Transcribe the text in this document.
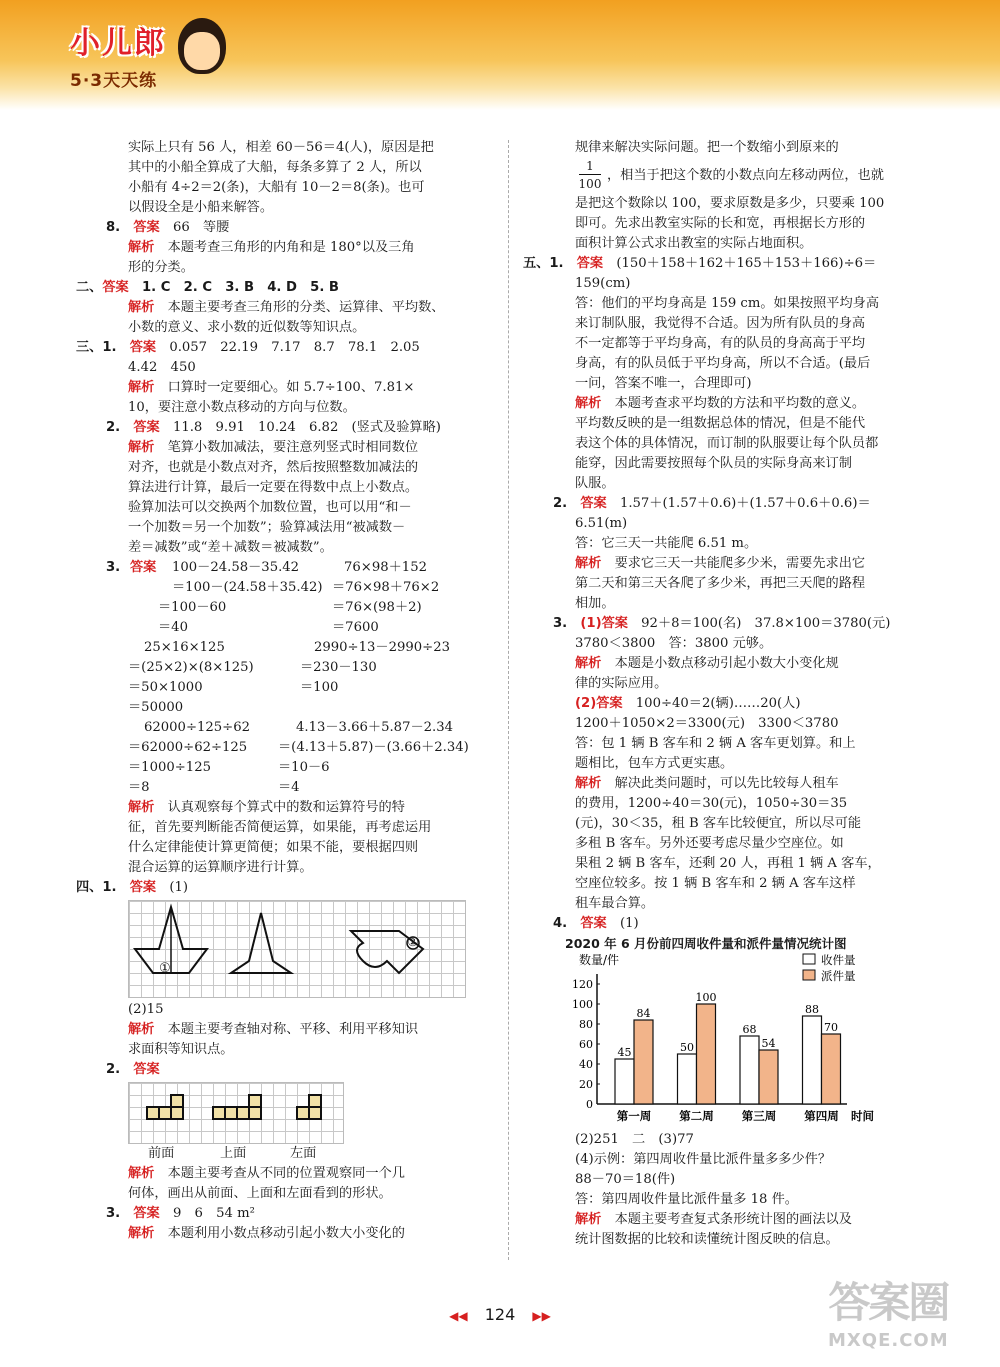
小儿郎
5·3天天练

实际上只有 56 人，相差 60－56＝4(人)，原因是把

其中的小船全算成了大船，每条多算了 2 人，所以

小船有 4÷2＝2(条)，大船有 10－2＝8(条)。也可

以假设全是小船来解答。

8.　 答案　 66　等腰

解析　 本题考查三角形的内角和是 180°以及三角

形的分类。

二、答案　 1. C　2. C　3. B　4. D　5. B

解析　 本题主要考查三角形的分类、运算律、平均数、

小数的意义、求小数的近似数等知识点。

三、1.　 答案　 0.057　22.19　7.17　8.7　78.1　2.05

4.42　450

解析　 口算时一定要细心。如 5.7÷100、7.81×

10，要注意小数点移动的方向与位数。

2.　 答案　 11.8　9.91　10.24　6.82　(竖式及验算略)

解析　 笔算小数加减法，要注意列竖式时相同数位

对齐，也就是小数点对齐，然后按照整数加减法的

算法进行计算，最后一定要在得数中点上小数点。

验算加法可以交换两个加数位置，也可以用“和－

一个加数＝另一个加数”；验算减法用“被减数－

差＝减数”或“差＋减数＝被减数”。

3. 答案 100－24.58－35.42	76×98＋152
＝100－(24.58＋35.42) ＝76×98＋76×2
＝100－60	＝76×(98＋2)
＝40	＝7600
25×16×125	2990÷13－2990÷23
＝(25×2)×(8×125)	＝230－130
＝50×1000	＝100
＝50000
62000÷125÷62	4.13－3.66＋5.87－2.34
＝62000÷62÷125 ＝(4.13＋5.87)－(3.66＋2.34)
＝1000÷125	＝10－6
＝8	＝4

解析　 认真观察每个算式中的数和运算符号的特

征，首先要判断能否简便运算，如果能，再考虑运用

什么定律能使计算更简便；如果不能，要根据四则

混合运算的运算顺序进行计算。

四、1.　 答案　 (1)

①
②

(2)15

解析　 本题主要考查轴对称、平移、利用平移知识

求面积等知识点。

2.　 答案

前面	上面	左面

解析　 本题主要考查从不同的位置观察同一个几

何体，画出从前面、上面和左面看到的形状。

3.　 答案　 9　6　54 m²

解析　 本题利用小数点移动引起小数大小变化的

规律来解决实际问题。把一个数缩小到原来的

1
100
，相当于把这个数的小数点向左移动两位，也就

是把这个数除以 100，要求原数是多少，只要乘 100

即可。先求出教室实际的长和宽，再根据长方形的

面积计算公式求出教室的实际占地面积。

五、1.　 答案　 (150＋158＋162＋165＋153＋166)÷6＝

159(cm)

答：他们的平均身高是 159 cm。如果按照平均身高

来订制队服，我觉得不合适。因为所有队员的身高

不一定都等于平均身高，有的队员的身高高于平均

身高，有的队员低于平均身高，所以不合适。(最后

一问，答案不唯一，合理即可)

解析　 本题考查求平均数的方法和平均数的意义。

平均数反映的是一组数据总体的情况，但是不能代

表这个体的具体情况，而订制的队服要让每个队员都

能穿，因此需要按照每个队员的实际身高来订制

队服。

2.　 答案　 1.57＋(1.57＋0.6)＋(1.57＋0.6＋0.6)＝

6.51(m)

答：它三天一共能爬 6.51 m。

解析　 要求它三天一共能爬多少米，需要先求出它

第二天和第三天各爬了多少米，再把三天爬的路程

相加。

3.　 (1)答案　 92＋8＝100(名)　37.8×100＝3780(元)

3780＜3800　答：3800 元够。

解析　 本题是小数点移动引起小数大小变化规

律的实际应用。

(2)答案　 100÷40＝2(辆)……20(人)

1200＋1050×2＝3300(元)　3300＜3780

答：包 1 辆 B 客车和 2 辆 A 客车更划算。和上

题相比，包车方式更实惠。

解析　 解决此类问题时，可以先比较每人租车

的费用，1200÷40＝30(元)，1050÷30＝35

(元)，30＜35，租 B 客车比较便宜，所以尽可能

多租 B 客车。另外还要考虑尽量少空座位。如

果租 2 辆 B 客车，还剩 20 人，再租 1 辆 A 客车，

空座位较多。按 1 辆 B 客车和 2 辆 A 客车这样

租车最合算。

4.　 答案　 (1)

2020 年 6 月份前四周收件量和派件量情况统计图
数量/件
0
20
40
60
80
100
120
45
84
第一周
50
100
第二周
68
54
第三周
88
70
第四周 时间
收件量
派件量

(2)251　二　(3)77

(4)示例：第四周收件量比派件量多多少件？

88－70＝18(件)

答：第四周收件量比派件量多 18 件。

解析　 本题主要考查复式条形统计图的画法以及

统计图数据的比较和读懂统计图反映的信息。

◀◀ 124 ▶▶	答案圈
MXQE.COM
